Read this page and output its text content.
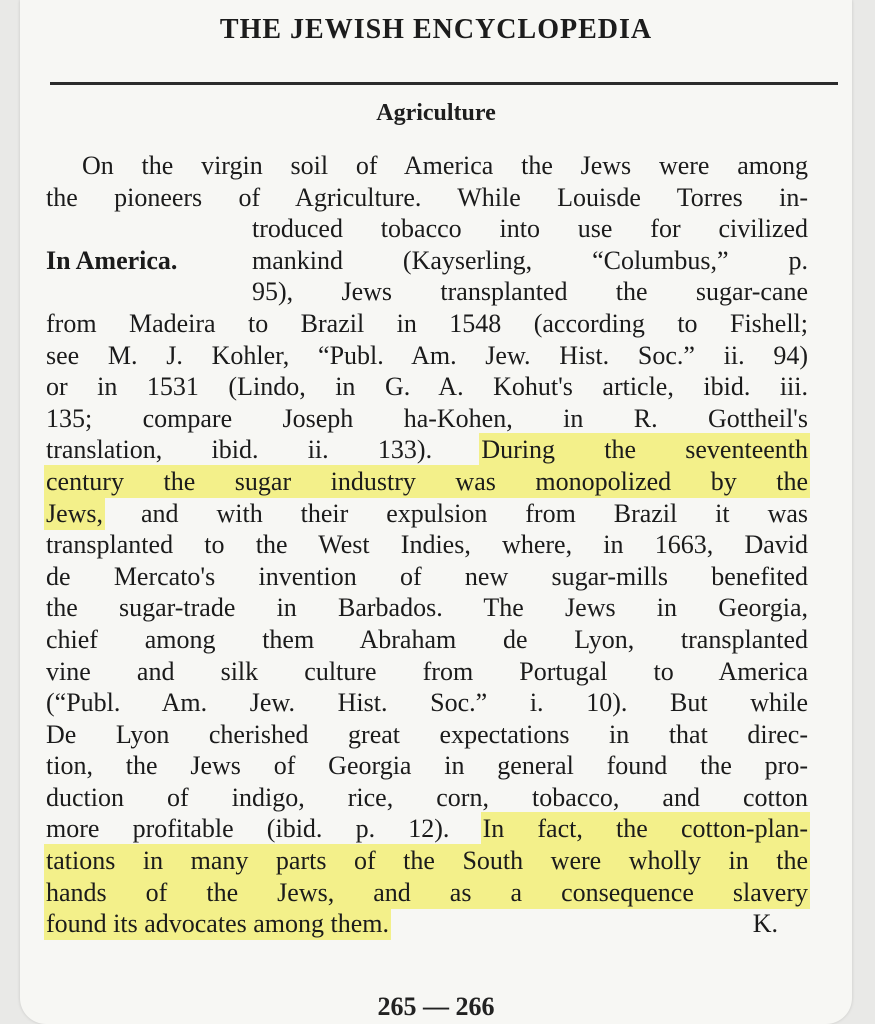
THE JEWISH ENCYCLOPEDIA
Agriculture
On the virgin soil of America the Jews were among
the pioneers of Agriculture. While Louisde Torres in-
troduced tobacco into use for civilized
In America.	mankind (Kayserling, “Columbus,” p.
95), Jews transplanted the sugar-cane
from Madeira to Brazil in 1548 (according to Fishell;
see M. J. Kohler, “Publ. Am. Jew. Hist. Soc.” ii. 94)
or in 1531 (Lindo, in G. A. Kohut's article, ibid. iii.
135; compare Joseph ha-Kohen, in R. Gottheil's
translation, ibid. ii. 133). During the seventeenth
century the sugar industry was monopolized by the
Jews, and with their expulsion from Brazil it was
transplanted to the West Indies, where, in 1663, David
de Mercato's invention of new sugar-mills benefited
the sugar-trade in Barbados. The Jews in Georgia,
chief among them Abraham de Lyon, transplanted
vine and silk culture from Portugal to America
(“Publ. Am. Jew. Hist. Soc.” i. 10). But while
De Lyon cherished great expectations in that direc-
tion, the Jews of Georgia in general found the pro-
duction of indigo, rice, corn, tobacco, and cotton
more profitable (ibid. p. 12). In fact, the cotton-plan-
tations in many parts of the South were wholly in the
hands of the Jews, and as a consequence slavery
found its advocates among them.	K.
265 — 266
